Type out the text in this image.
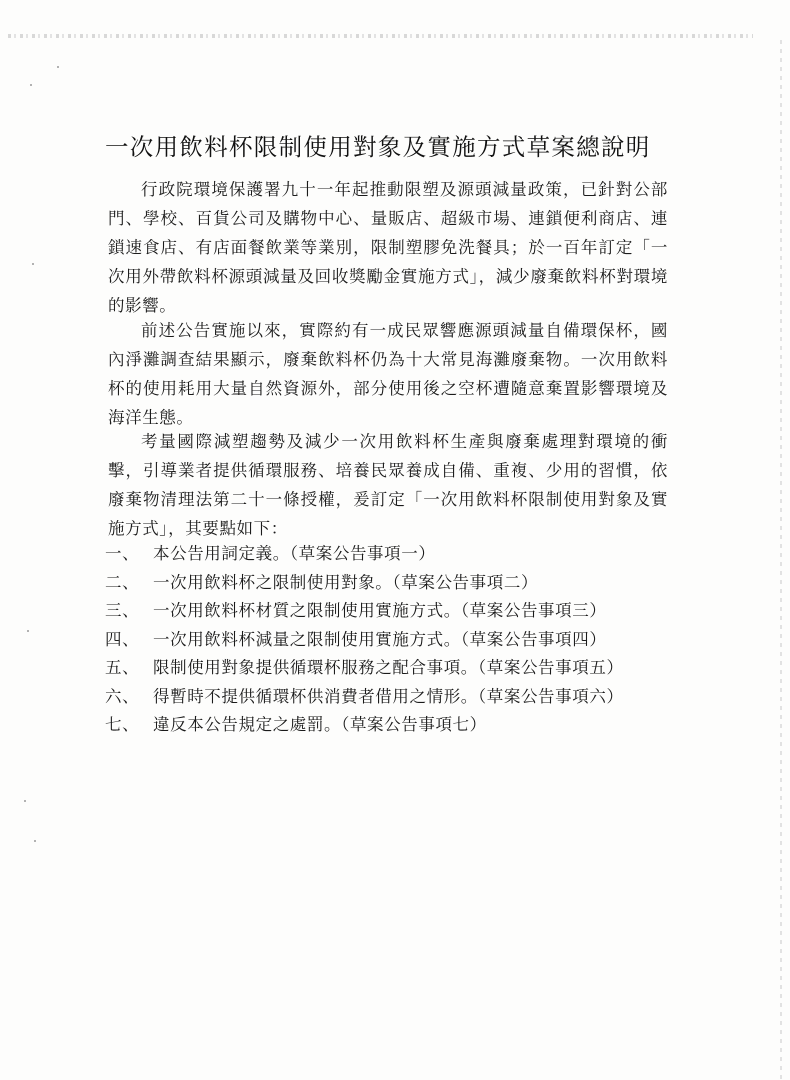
一次用飲料杯限制使用對象及實施方式草案總說明

行政院環境保護署九十一年起推動限塑及源頭減量政策，已針對公部門、學校、百貨公司及購物中心、量販店、超級市場、連鎖便利商店、連鎖速食店、有店面餐飲業等業別，限制塑膠免洗餐具；於一百年訂定「一次用外帶飲料杯源頭減量及回收獎勵金實施方式」，減少廢棄飲料杯對環境的影響。

前述公告實施以來，實際約有一成民眾響應源頭減量自備環保杯，國內淨灘調查結果顯示，廢棄飲料杯仍為十大常見海灘廢棄物。一次用飲料杯的使用耗用大量自然資源外，部分使用後之空杯遭隨意棄置影響環境及海洋生態。

考量國際減塑趨勢及減少一次用飲料杯生產與廢棄處理對環境的衝擊，引導業者提供循環服務、培養民眾養成自備、重複、少用的習慣，依廢棄物清理法第二十一條授權，爰訂定「一次用飲料杯限制使用對象及實施方式」，其要點如下：

一、 本公告用詞定義。（草案公告事項一）
二、 一次用飲料杯之限制使用對象。（草案公告事項二）
三、 一次用飲料杯材質之限制使用實施方式。（草案公告事項三）
四、 一次用飲料杯減量之限制使用實施方式。（草案公告事項四）
五、 限制使用對象提供循環杯服務之配合事項。（草案公告事項五）
六、 得暫時不提供循環杯供消費者借用之情形。（草案公告事項六）
七、 違反本公告規定之處罰。（草案公告事項七）
